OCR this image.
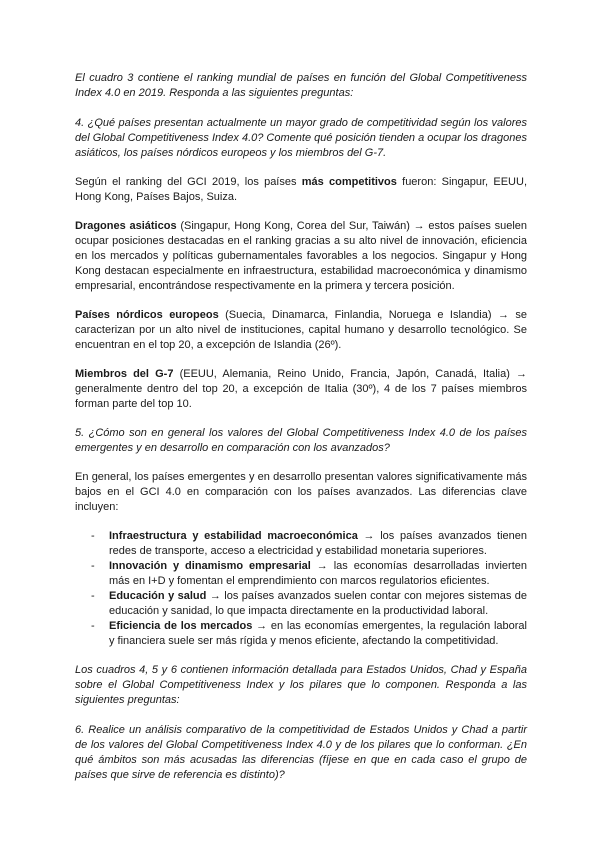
El cuadro 3 contiene el ranking mundial de países en función del Global Competitiveness Index 4.0 en 2019. Responda a las siguientes preguntas:

4. ¿Qué países presentan actualmente un mayor grado de competitividad según los valores del Global Competitiveness Index 4.0? Comente qué posición tienden a ocupar los dragones asiáticos, los países nórdicos europeos y los miembros del G-7.

Según el ranking del GCI 2019, los países más competitivos fueron: Singapur, EEUU, Hong Kong, Países Bajos, Suiza.

Dragones asiáticos (Singapur, Hong Kong, Corea del Sur, Taiwán) → estos países suelen ocupar posiciones destacadas en el ranking gracias a su alto nivel de innovación, eficiencia en los mercados y políticas gubernamentales favorables a los negocios. Singapur y Hong Kong destacan especialmente en infraestructura, estabilidad macroeconómica y dinamismo empresarial, encontrándose respectivamente en la primera y tercera posición.

Países nórdicos europeos (Suecia, Dinamarca, Finlandia, Noruega e Islandia) → se caracterizan por un alto nivel de instituciones, capital humano y desarrollo tecnológico. Se encuentran en el top 20, a excepción de Islandia (26º).

Miembros del G-7 (EEUU, Alemania, Reino Unido, Francia, Japón, Canadá, Italia) → generalmente dentro del top 20, a excepción de Italia (30º), 4 de los 7 países miembros forman parte del top 10.

5. ¿Cómo son en general los valores del Global Competitiveness Index 4.0 de los países emergentes y en desarrollo en comparación con los avanzados?

En general, los países emergentes y en desarrollo presentan valores significativamente más bajos en el GCI 4.0 en comparación con los países avanzados. Las diferencias clave incluyen:

- Infraestructura y estabilidad macroeconómica → los países avanzados tienen redes de transporte, acceso a electricidad y estabilidad monetaria superiores.
- Innovación y dinamismo empresarial → las economías desarrolladas invierten más en I+D y fomentan el emprendimiento con marcos regulatorios eficientes.
- Educación y salud → los países avanzados suelen contar con mejores sistemas de educación y sanidad, lo que impacta directamente en la productividad laboral.
- Eficiencia de los mercados → en las economías emergentes, la regulación laboral y financiera suele ser más rígida y menos eficiente, afectando la competitividad.

Los cuadros 4, 5 y 6 contienen información detallada para Estados Unidos, Chad y España sobre el Global Competitiveness Index y los pilares que lo componen. Responda a las siguientes preguntas:

6. Realice un análisis comparativo de la competitividad de Estados Unidos y Chad a partir de los valores del Global Competitiveness Index 4.0 y de los pilares que lo conforman. ¿En qué ámbitos son más acusadas las diferencias (fíjese en que en cada caso el grupo de países que sirve de referencia es distinto)?
